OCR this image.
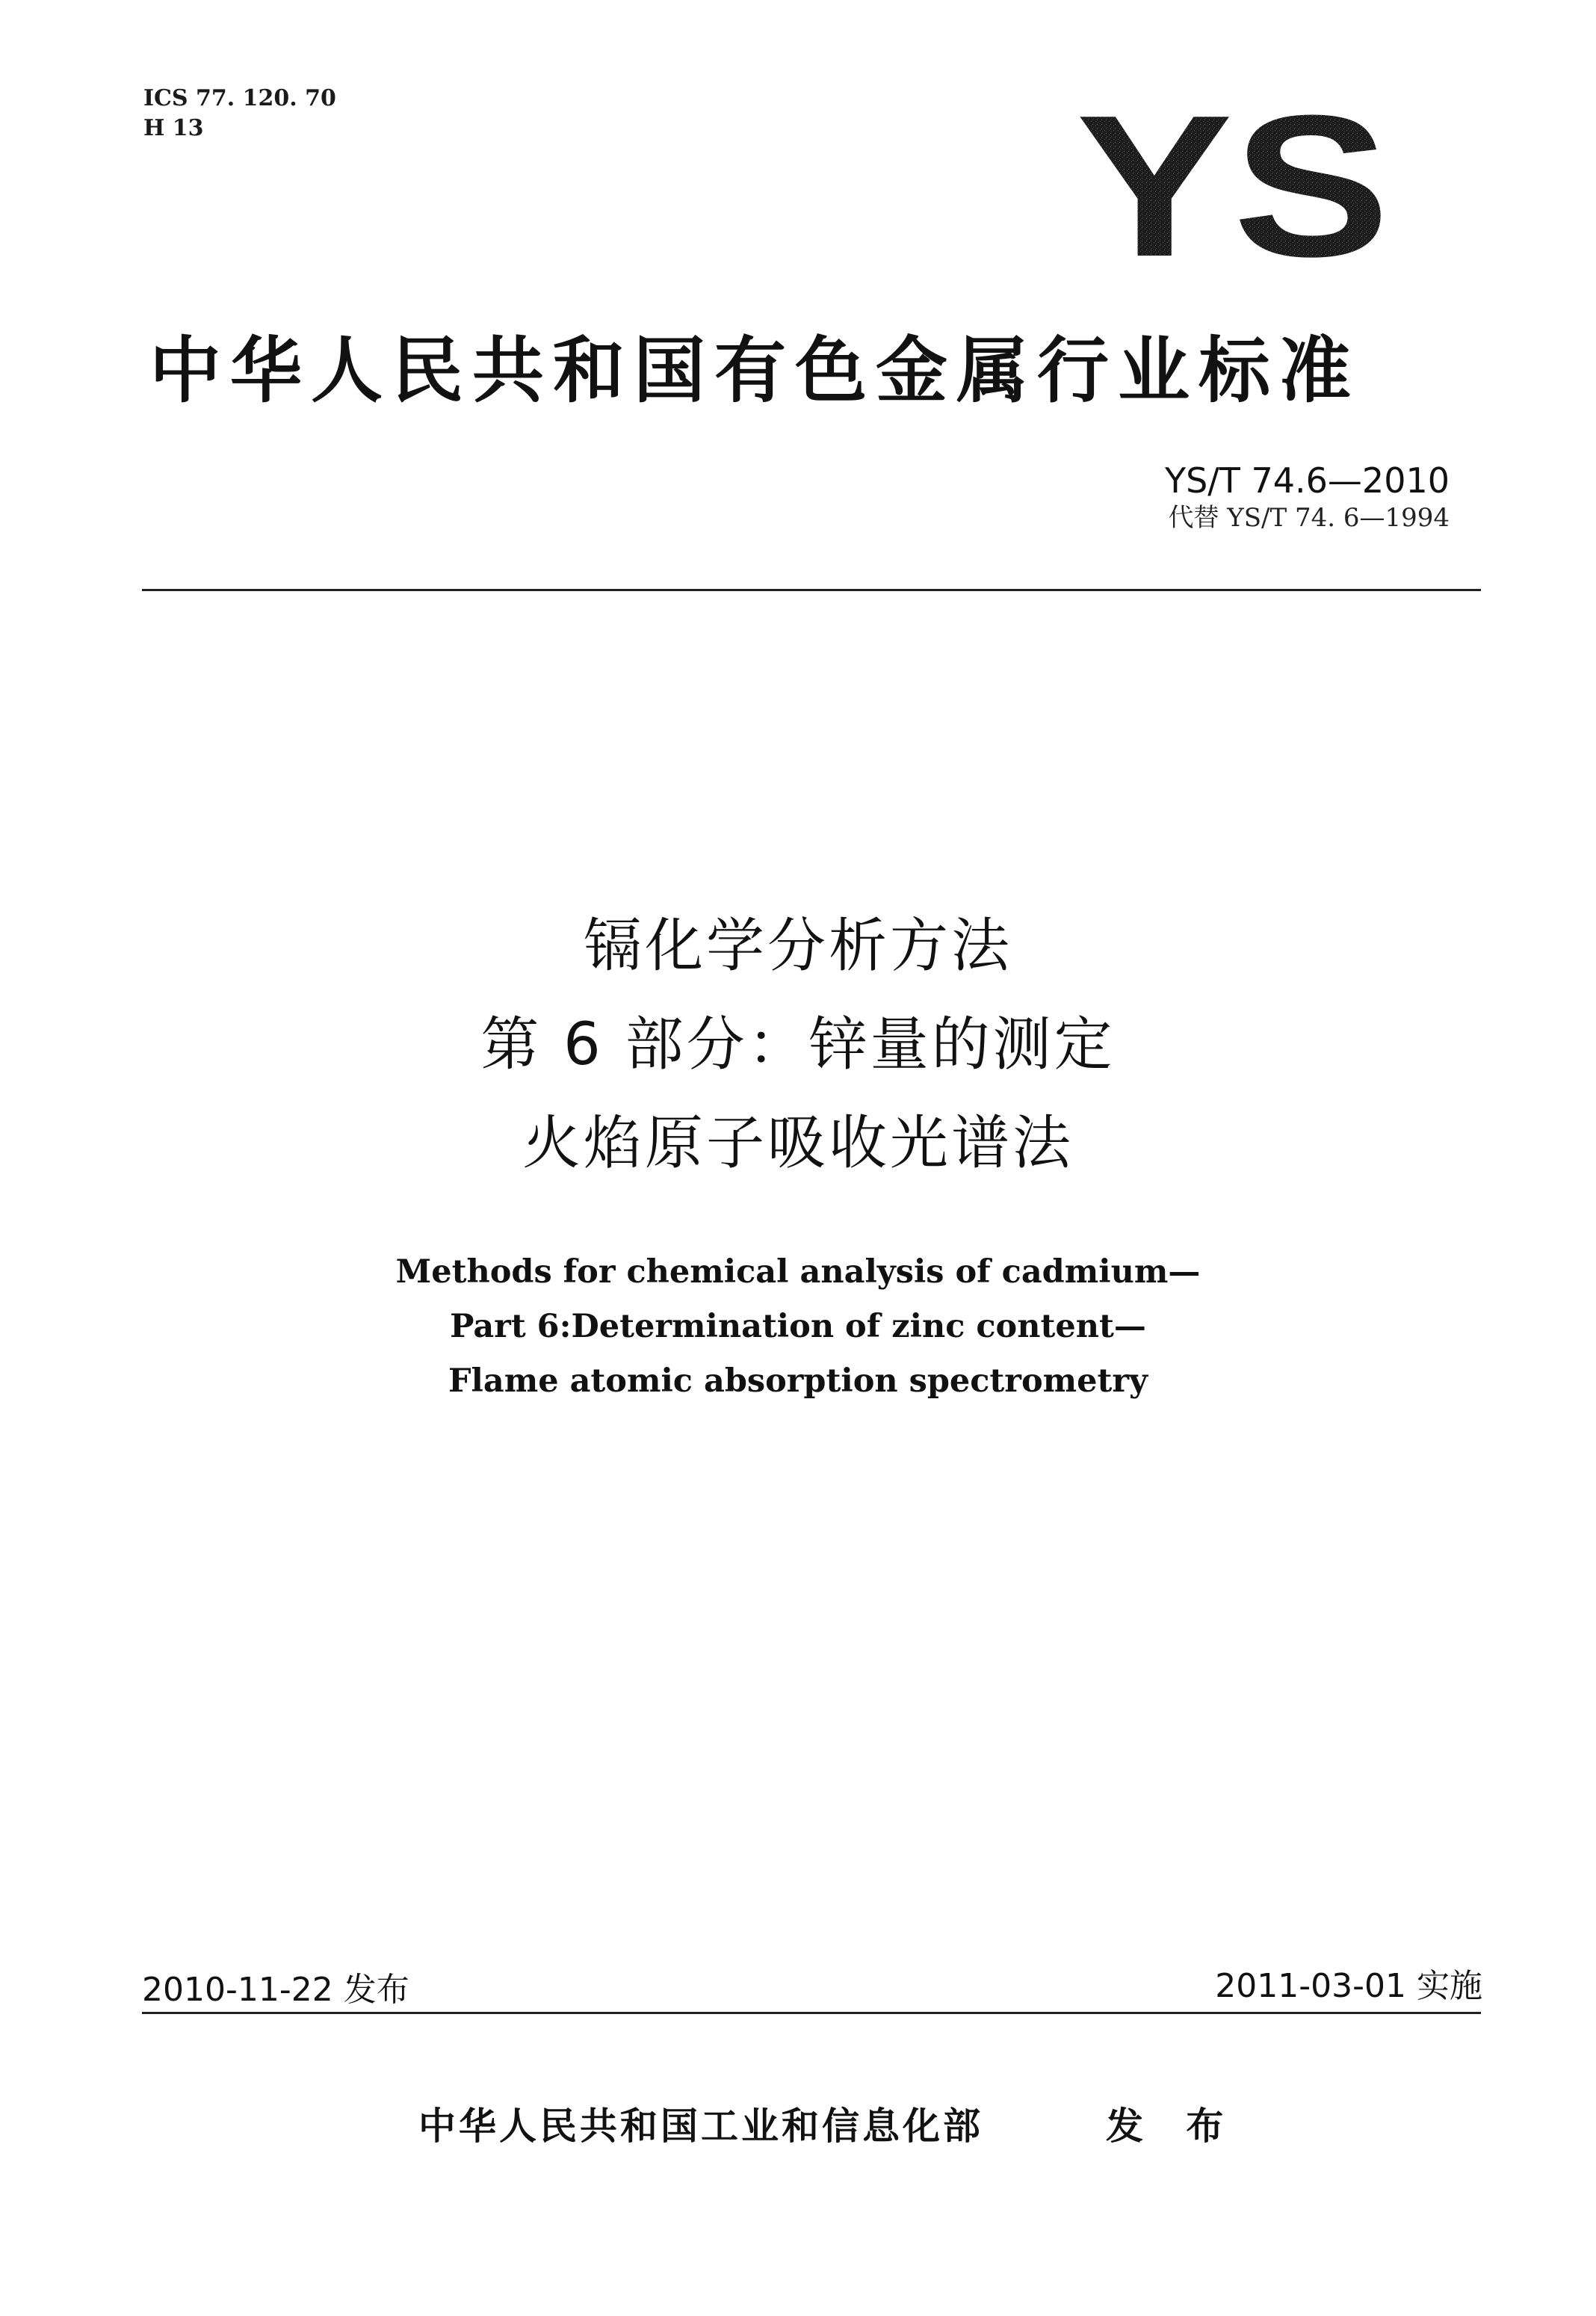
ICS 77. 120. 70
H 13	YS
中华人民共和国有色金属行业标准
YS/T 74.6—2010
代替 YS/T 74. 6—1994
镉化学分析方法
第 6 部分：锌量的测定
火焰原子吸收光谱法
Methods for chemical analysis of cadmium—
Part 6:Determination of zinc content—
Flame atomic absorption spectrometry
2010-11-22 发布	2011-03-01 实施
中华人民共和国工业和信息化部	发 布
